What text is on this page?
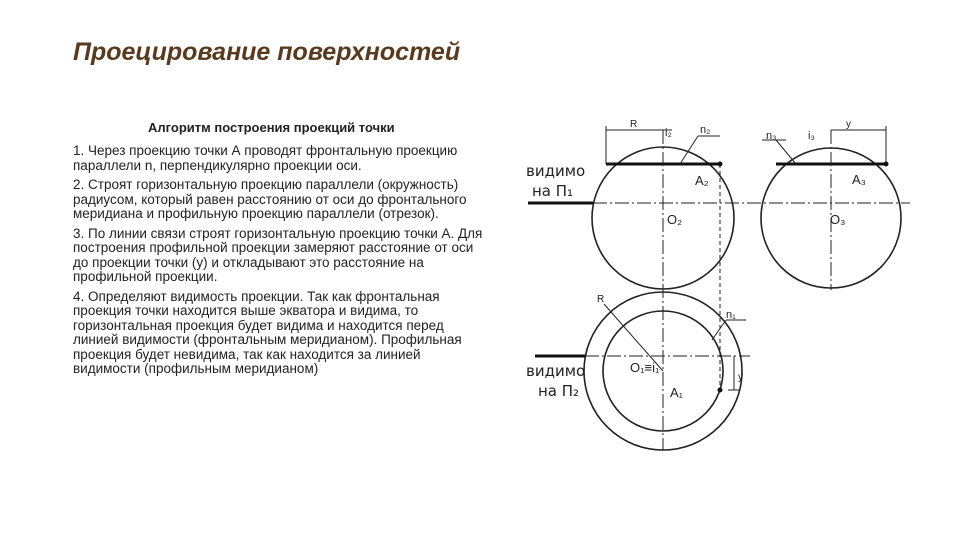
Проецирование поверхностей
Алгоритм построения проекций точки

1. Через проекцию точки А проводят фронтальную проекцию параллели n, перпендикулярно проекции оси.

2. Строят горизонтальную проекцию параллели (окружность) радиусом, который равен расстоянию от оси до фронтального меридиана и профильную проекцию параллели (отрезок).

3. По линии связи строят горизонтальную проекцию точки А. Для построения профильной проекции замеряют расстояние от оси до проекции точки (y) и откладывают это расстояние на профильной проекции.

4. Определяют видимость проекции. Так как фронтальная проекция точки находится выше экватора и видима, то горизонтальная проекция будет видима и находится перед линией видимости (фронтальным меридианом). Профильная проекция будет невидима, так как находится за линией видимости (профильным меридианом)

видимо
на П₁
видимо
на П₂
R
i₂	n₂
A₂
O₂
n₃	i₃
y
A₃
O₃
R
n₁
O₁≡i₁
A₁
y
